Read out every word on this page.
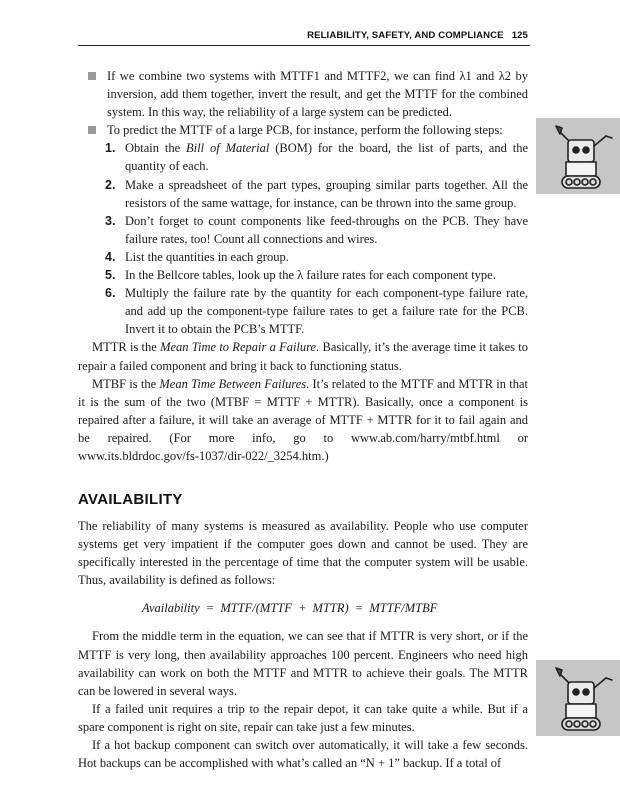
RELIABILITY, SAFETY, AND COMPLIANCE 125

If we combine two systems with MTTF1 and MTTF2, we can find λ1 and λ2 by inversion, add them together, invert the result, and get the MTTF for the combined system. In this way, the reliability of a large system can be predicted.

To predict the MTTF of a large PCB, for instance, perform the following steps:

1. Obtain the Bill of Material (BOM) for the board, the list of parts, and the quantity of each.
2. Make a spreadsheet of the part types, grouping similar parts together. All the resistors of the same wattage, for instance, can be thrown into the same group.
3. Don’t forget to count components like feed-throughs on the PCB. They have failure rates, too! Count all connections and wires.
4. List the quantities in each group.
5. In the Bellcore tables, look up the λ failure rates for each component type.
6. Multiply the failure rate by the quantity for each component-type failure rate, and add up the component-type failure rates to get a failure rate for the PCB. Invert it to obtain the PCB’s MTTF.

MTTR is the Mean Time to Repair a Failure. Basically, it’s the average time it takes to repair a failed component and bring it back to functioning status.

MTBF is the Mean Time Between Failures. It’s related to the MTTF and MTTR in that it is the sum of the two (MTBF = MTTF + MTTR). Basically, once a component is repaired after a failure, it will take an average of MTTF + MTTR for it to fail again and be repaired. (For more info, go to www.ab.com/harry/mtbf.html or www.its.bldrdoc.gov/fs-1037/dir-022/_3254.htm.)

AVAILABILITY

The reliability of many systems is measured as availability. People who use computer systems get very impatient if the computer goes down and cannot be used. They are specifically interested in the percentage of time that the computer system will be usable. Thus, availability is defined as follows:

Availability = MTTF/(MTTF + MTTR) = MTTF/MTBF

From the middle term in the equation, we can see that if MTTR is very short, or if the MTTF is very long, then availability approaches 100 percent. Engineers who need high availability can work on both the MTTF and MTTR to achieve their goals. The MTTR can be lowered in several ways.

If a failed unit requires a trip to the repair depot, it can take quite a while. But if a spare component is right on site, repair can take just a few minutes.

If a hot backup component can switch over automatically, it will take a few seconds. Hot backups can be accomplished with what’s called an “N + 1” backup. If a total of
